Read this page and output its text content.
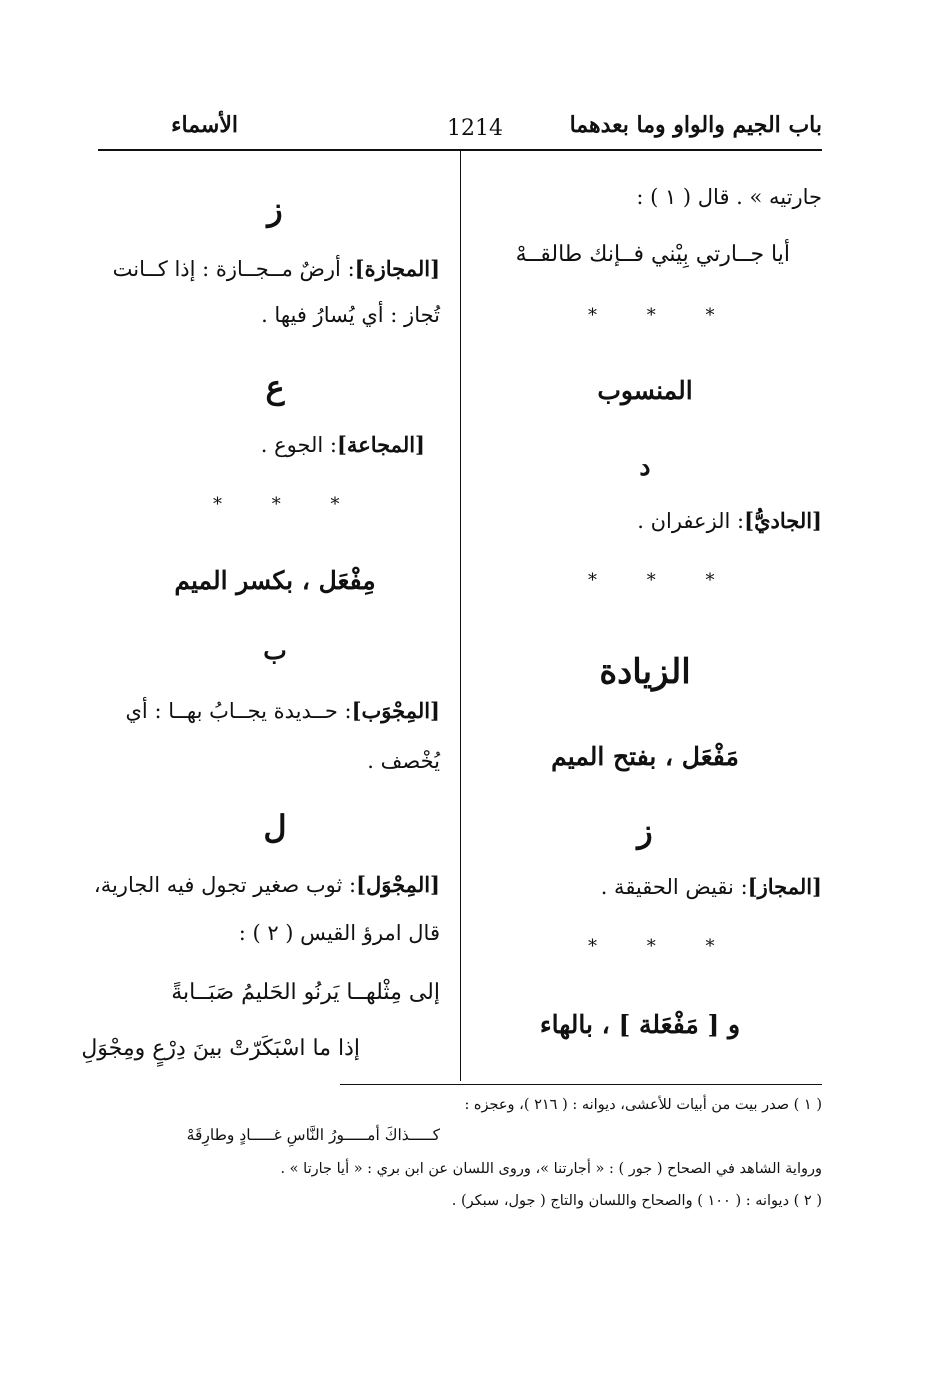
باب الجيم والواو وما بعدهما
1214
الأسماء
جارتيه » . قال ( ١ ) :
أيا جــارتي بِيْني فــإنك طالقــهْ
* * *
المنسوب
د
[الجاديُّ]: الزعفران .
* * *
الزيادة
مَفْعَل ، بفتح الميم
ز
[المجاز]: نقيض الحقيقة .
* * *
و [ مَفْعَلة ] ، بالهاء
ز
[المجازة]: أرضٌ مــجــازة : إذا كــانت
تُجاز : أي يُسارُ فيها .
ع
[المجاعة]: الجوع .
* * *
مِفْعَل ، بكسر الميم
ب
[المِجْوَب]: حــديدة يجــابُ بهــا : أي
يُخْصف .
ل
[المِجْوَل]: ثوب صغير تجول فيه الجارية،
قال امرؤ القيس ( ٢ ) :
إلى مِثْلهــا يَرنُو الحَليمُ صَبَــابةً
إذا ما اسْبَكَرّتْ بينَ دِرْعٍ ومِجْوَلِ
( ١ ) صدر بيت من أبيات للأعشى، ديوانه : ( ٢١٦ )، وعجزه :
كـــــذاكَ أمـــــورُ النَّاسِ غـــــادٍ وطارِقَهْ
ورواية الشاهد في الصحاح ( جور ) : « أجارتنا »، وروى اللسان عن ابن بري : « أيا جارتا » .
( ٢ ) ديوانه : ( ١٠٠ ) والصحاح واللسان والتاج ( جول، سبكر) .
